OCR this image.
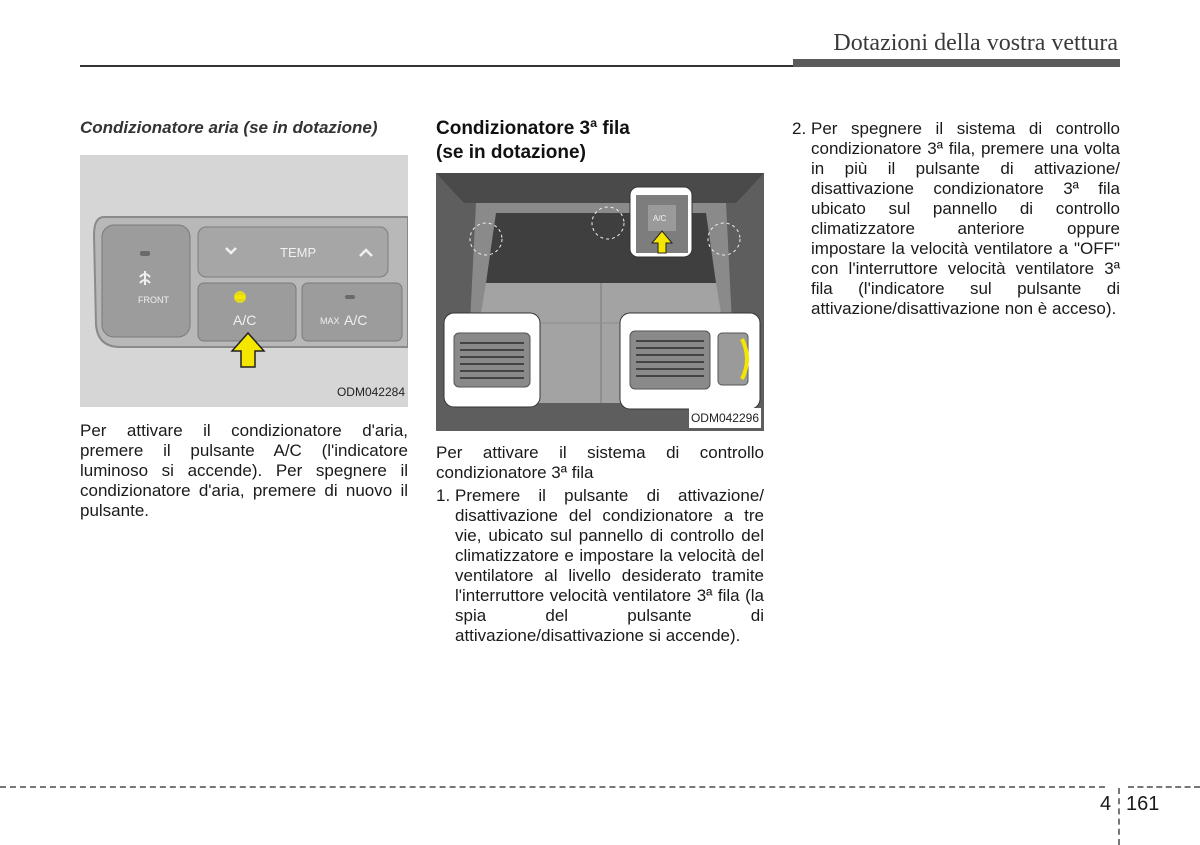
Dotazioni della vostra vettura
Condizionatore aria (se in dotazione)
FRONT
TEMP
A/C	MAX A/C
ODM042284
Per attivare il condizionatore d'aria, premere il pulsante A/C (l'indicatore luminoso si accende). Per spegnere il condizionatore d'aria, premere di nuovo il pulsante.
Condizionatore 3ª fila
(se in dotazione)
A/C
ODM042296
Per attivare il sistema di controllo condizionatore 3ª fila
1. Premere il pulsante di attivazione/ disattivazione del condizionatore a tre vie, ubicato sul pannello di controllo del climatizzatore e impostare la velocità del ventilatore al livello desiderato tramite l'interruttore velocità ventilatore 3ª fila (la spia del pulsante di attivazione/disattivazione si accende).
2. Per spegnere il sistema di controllo condizionatore 3ª fila, premere una volta in più il pulsante di attivazione/ disattivazione condizionatore 3ª fila ubicato sul pannello di controllo climatizzatore anteriore oppure impostare la velocità ventilatore a "OFF" con l'interruttore velocità ventilatore 3ª fila (l'indicatore sul pulsante di attivazione/disattivazione non è acceso).
4 161
